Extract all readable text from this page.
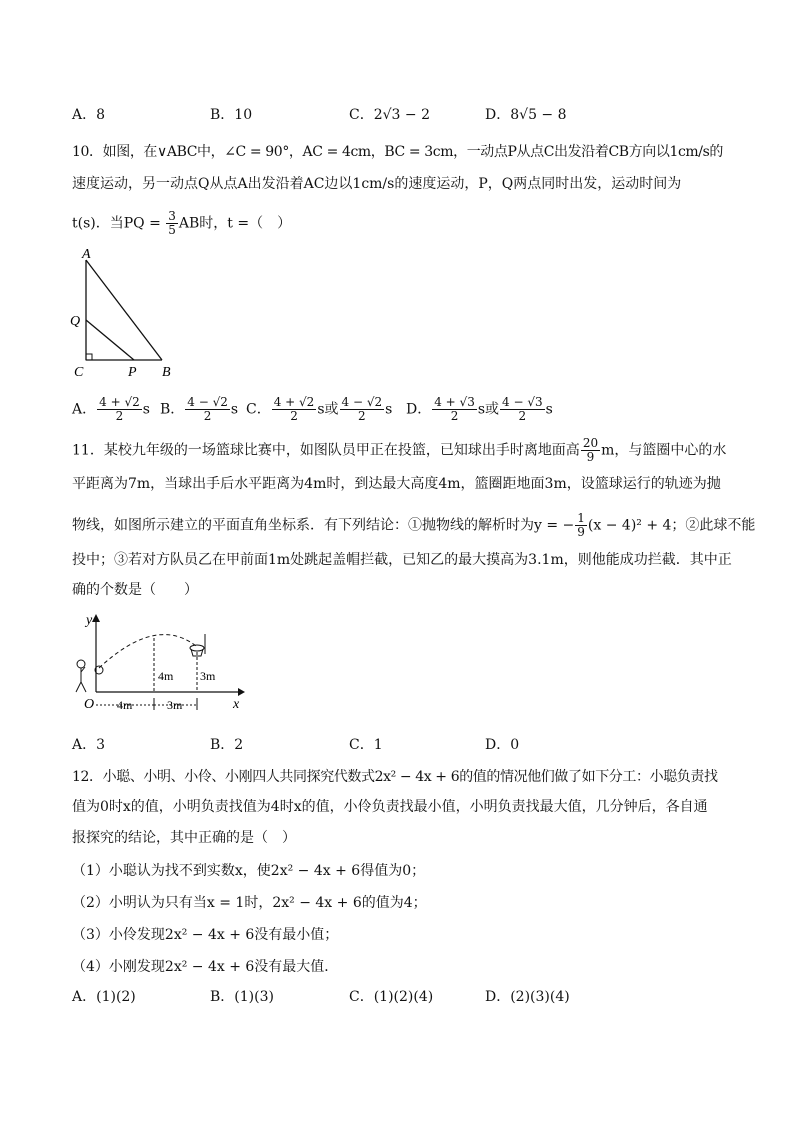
A．8	B．10	C．2√3 − 2	D．8√5 − 8
10．如图，在∨ABC中，∠C = 90°，AC = 4cm，BC = 3cm，一动点P从点C出发沿着CB方向以1cm/s的
速度运动，另一动点Q从点A出发沿着AC边以1cm/s的速度运动，P，Q两点同时出发，运动时间为
t(s)．当PQ = $\frac{3}{5}$ AB时，t =（　）
A
Q
C	P B
A． $\frac{4 + √2}{2}$ s B． $\frac{4 - √2}{2}$ s C． $\frac{4 + √2}{2}$ s或 $\frac{4 - √2}{2}$ s D． $\frac{4 + √3}{2}$ s或 $\frac{4 - √3}{2}$ s
11．某校九年级的一场篮球比赛中，如图队员甲正在投篮，已知球出手时离地面高 $\frac{20}{9}$ m，与篮圈中心的水
平距离为7m，当球出手后水平距离为4m时，到达最大高度4m，篮圈距地面3m，设篮球运行的轨迹为抛
物线，如图所示建立的平面直角坐标系．有下列结论：①抛物线的解析时为y = − $\frac{1}{9} (x - 4)^2 + 4$；②此球不能
投中；③若对方队员乙在甲前面1m处跳起盖帽拦截，已知乙的最大摸高为3.1m，则他能成功拦截．其中正
确的个数是（　　）
y
x
O
4m 3m
4m	3m
A．3	B．2	C．1	D．0
12．小聪、小明、小伶、小刚四人共同探究代数式2x² − 4x + 6的值的情况他们做了如下分工：小聪负责找
值为0时x的值，小明负责找值为4时x的值，小伶负责找最小值，小明负责找最大值，几分钟后，各自通
报探究的结论，其中正确的是（　）
（1）小聪认为找不到实数x，使2x² − 4x + 6得值为0；
（2）小明认为只有当x = 1时，2x² − 4x + 6的值为4；
（3）小伶发现2x² − 4x + 6没有最小值；
（4）小刚发现2x² − 4x + 6没有最大值．
A．(1)(2)	B．(1)(3)	C．(1)(2)(4)	D．(2)(3)(4)
